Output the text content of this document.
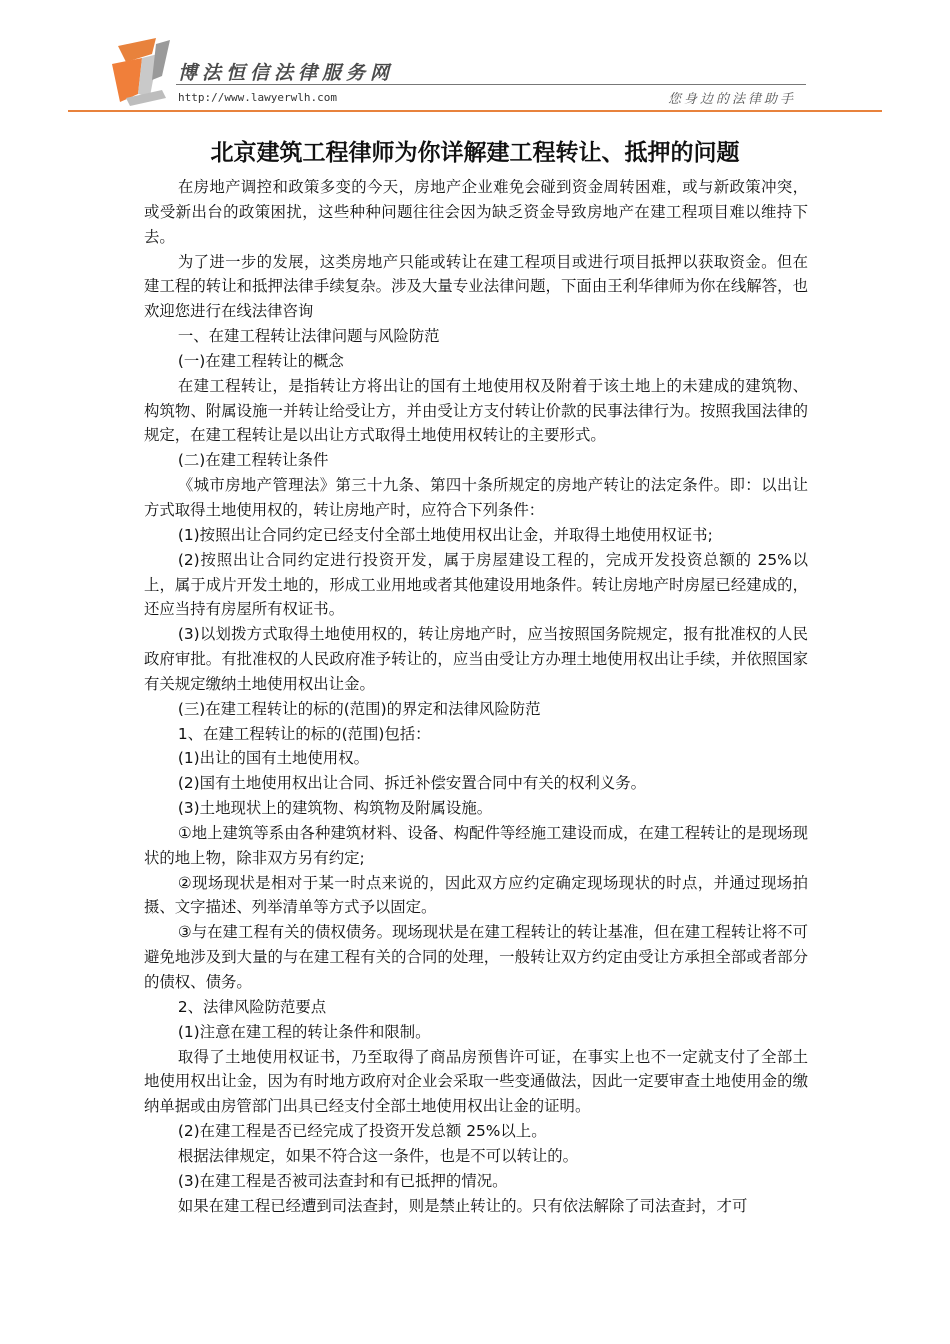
博法恒信法律服务网
http://www.lawyerwlh.com	您身边的法律助手
北京建筑工程律师为你详解建工程转让、抵押的问题

在房地产调控和政策多变的今天，房地产企业难免会碰到资金周转困难，或与新政策冲突，或受新出台的政策困扰，这些种种问题往往会因为缺乏资金导致房地产在建工程项目难以维持下去。

为了进一步的发展，这类房地产只能或转让在建工程项目或进行项目抵押以获取资金。但在建工程的转让和抵押法律手续复杂。涉及大量专业法律问题，下面由王利华律师为你在线解答，也欢迎您进行在线法律咨询

一、在建工程转让法律问题与风险防范

(一)在建工程转让的概念

在建工程转让，是指转让方将出让的国有土地使用权及附着于该土地上的未建成的建筑物、构筑物、附属设施一并转让给受让方，并由受让方支付转让价款的民事法律行为。按照我国法律的规定，在建工程转让是以出让方式取得土地使用权转让的主要形式。

(二)在建工程转让条件

《城市房地产管理法》第三十九条、第四十条所规定的房地产转让的法定条件。即：以出让方式取得土地使用权的，转让房地产时，应符合下列条件：

(1)按照出让合同约定已经支付全部土地使用权出让金，并取得土地使用权证书;

(2)按照出让合同约定进行投资开发，属于房屋建设工程的，完成开发投资总额的 25%以上，属于成片开发土地的，形成工业用地或者其他建设用地条件。转让房地产时房屋已经建成的，还应当持有房屋所有权证书。

(3)以划拨方式取得土地使用权的，转让房地产时，应当按照国务院规定，报有批准权的人民政府审批。有批准权的人民政府准予转让的，应当由受让方办理土地使用权出让手续，并依照国家有关规定缴纳土地使用权出让金。

(三)在建工程转让的标的(范围)的界定和法律风险防范

1、在建工程转让的标的(范围)包括：

(1)出让的国有土地使用权。

(2)国有土地使用权出让合同、拆迁补偿安置合同中有关的权利义务。

(3)土地现状上的建筑物、构筑物及附属设施。

①地上建筑等系由各种建筑材料、设备、构配件等经施工建设而成，在建工程转让的是现场现状的地上物，除非双方另有约定;

②现场现状是相对于某一时点来说的，因此双方应约定确定现场现状的时点，并通过现场拍摄、文字描述、列举清单等方式予以固定。

③与在建工程有关的债权债务。现场现状是在建工程转让的转让基准，但在建工程转让将不可避免地涉及到大量的与在建工程有关的合同的处理，一般转让双方约定由受让方承担全部或者部分的债权、债务。

2、法律风险防范要点

(1)注意在建工程的转让条件和限制。

取得了土地使用权证书，乃至取得了商品房预售许可证，在事实上也不一定就支付了全部土地使用权出让金，因为有时地方政府对企业会采取一些变通做法，因此一定要审查土地使用金的缴纳单据或由房管部门出具已经支付全部土地使用权出让金的证明。

(2)在建工程是否已经完成了投资开发总额 25%以上。

根据法律规定，如果不符合这一条件，也是不可以转让的。

(3)在建工程是否被司法查封和有已抵押的情况。

如果在建工程已经遭到司法查封，则是禁止转让的。只有依法解除了司法查封，才可
